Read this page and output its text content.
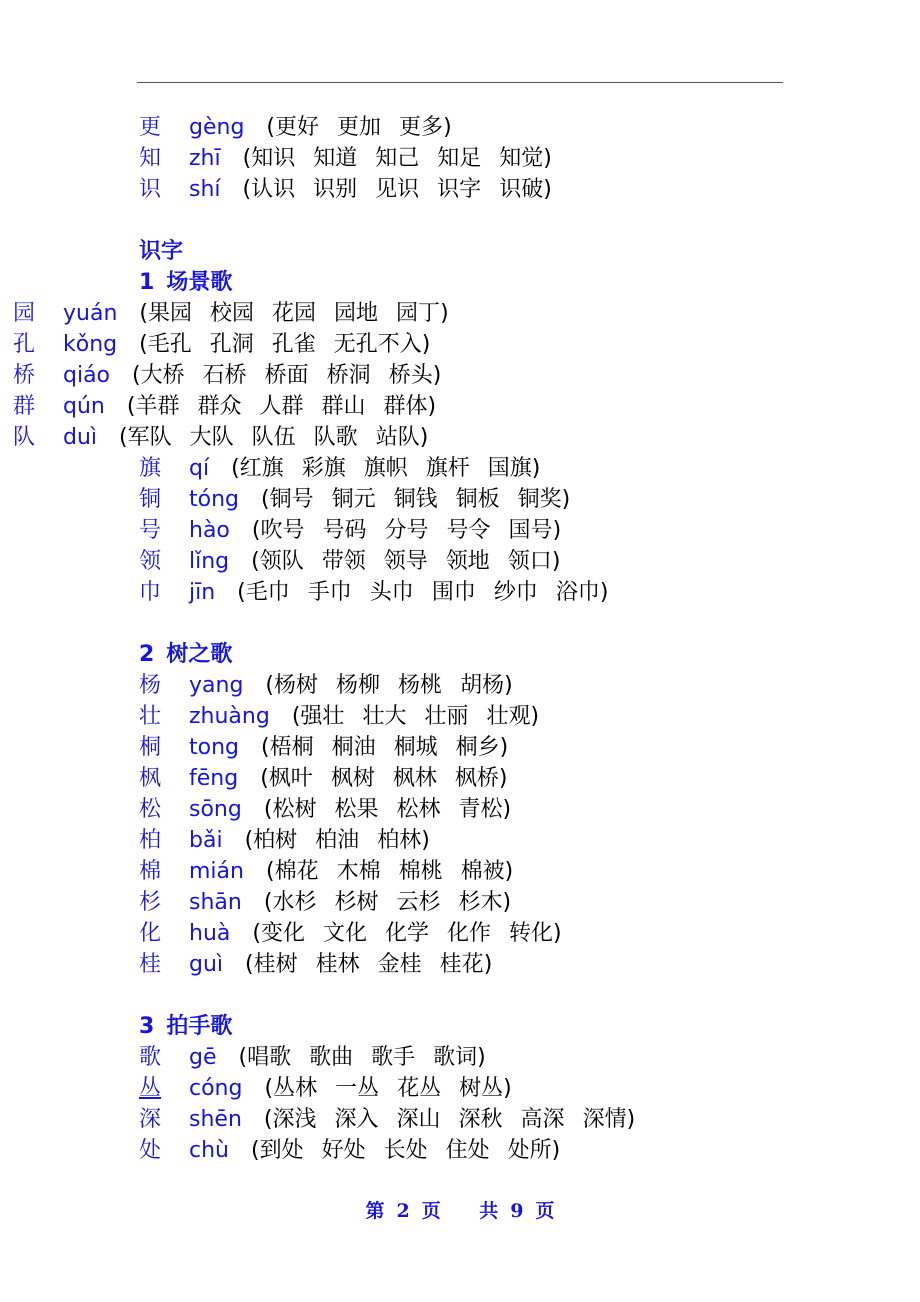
更 gèng (更好 更加 更多)
知 zhī (知识 知道 知己 知足 知觉)
识 shí (认识 识别 见识 识字 识破)
识字
1 场景歌
园 yuán (果园 校园 花园 园地 园丁)
孔 kǒng (毛孔 孔洞 孔雀 无孔不入)
桥 qiáo (大桥 石桥 桥面 桥洞 桥头)
群 qún (羊群 群众 人群 群山 群体)
队 duì (军队 大队 队伍 队歌 站队)
旗 qí (红旗 彩旗 旗帜 旗杆 国旗)
铜 tóng (铜号 铜元 铜钱 铜板 铜奖)
号 hào (吹号 号码 分号 号令 国号)
领 lǐng (领队 带领 领导 领地 领口)
巾 jīn (毛巾 手巾 头巾 围巾 纱巾 浴巾)
2 树之歌
杨 yang (杨树 杨柳 杨桃 胡杨)
壮 zhuàng (强壮 壮大 壮丽 壮观)
桐 tong (梧桐 桐油 桐城 桐乡)
枫 fēng (枫叶 枫树 枫林 枫桥)
松 sōng (松树 松果 松林 青松)
柏 bǎi (柏树 柏油 柏林)
棉 mián (棉花 木棉 棉桃 棉被)
杉 shān (水杉 杉树 云杉 杉木)
化 huà (变化 文化 化学 化作 转化)
桂 guì (桂树 桂林 金桂 桂花)
3 拍手歌
歌 gē (唱歌 歌曲 歌手 歌词)
丛 cóng (丛林 一丛 花丛 树丛)
深 shēn (深浅 深入 深山 深秋 高深 深情)
处 chù (到处 好处 长处 住处 处所)
第 2 页 共 9 页
